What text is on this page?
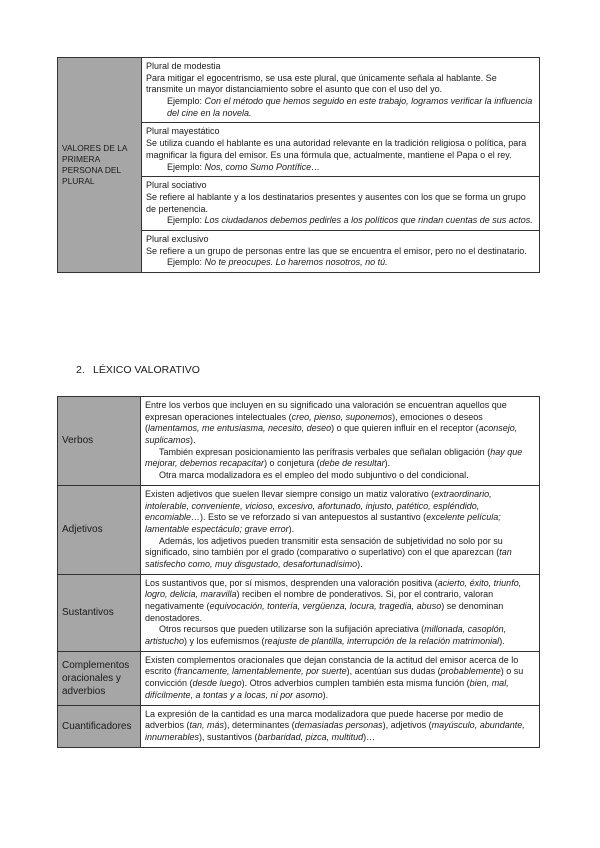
VALORES DE LA PRIMERA PERSONA DEL PLURAL	
Plural de modestia
Para mitigar el egocentrismo, se usa este plural, que únicamente señala al hablante. Se transmite un mayor distanciamiento sobre el asunto que con el uso del yo.
Ejemplo: Con el método que hemos seguido en este trabajo, logramos verificar la influencia del cine en la novela.

Plural mayestático
Se utiliza cuando el hablante es una autoridad relevante en la tradición religiosa o política, para magnificar la figura del emisor. Es una fórmula que, actualmente, mantiene el Papa o el rey.
Ejemplo: Nos, como Sumo Pontífice…

Plural sociativo
Se refiere al hablante y a los destinatarios presentes y ausentes con los que se forma un grupo de pertenencia.
Ejemplo: Los ciudadanos debemos pedirles a los políticos que rindan cuentas de sus actos.

Plural exclusivo
Se refiere a un grupo de personas entre las que se encuentra el emisor, pero no el destinatario.
Ejemplo: No te preocupes. Lo haremos nosotros, no tú.
2. LÉXICO VALORATIVO
Verbos	Entre los verbos que incluyen en su significado una valoración se encuentran aquellos que expresan operaciones intelectuales (creo, pienso, suponemos), emociones o deseos (lamentamos, me entusiasma, necesito, deseo) o que quieren influir en el receptor (aconsejo, suplicamos).

También expresan posicionamiento las perífrasis verbales que señalan obligación (hay que mejorar, debemos recapacitar) o conjetura (debe de resultar).

Otra marca modalizadora es el empleo del modo subjuntivo o del condicional.

Adjetivos	Existen adjetivos que suelen llevar siempre consigo un matiz valorativo (extraordinario, intolerable, conveniente, vicioso, excesivo, afortunado, injusto, patético, espléndido, encomiable…). Esto se ve reforzado si van antepuestos al sustantivo (excelente película; lamentable espectáculo; grave error).

Además, los adjetivos pueden transmitir esta sensación de subjetividad no solo por su significado, sino también por el grado (comparativo o superlativo) con el que aparezcan (tan satisfecho como, muy disgustado, desafortunadísimo).

Sustantivos	Los sustantivos que, por sí mismos, desprenden una valoración positiva (acierto, éxito, triunfo, logro, delicia, maravilla) reciben el nombre de ponderativos. Si, por el contrario, valoran negativamente (equivocación, tontería, vergüenza, locura, tragedia, abuso) se denominan denostadores.

Otros recursos que pueden utilizarse son la sufijación apreciativa (millonada, casoplón, artistucho) y los eufemismos (reajuste de plantilla, interrupción de la relación matrimonial).

Complementos oracionales y adverbios	Existen complementos oracionales que dejan constancia de la actitud del emisor acerca de lo escrito (francamente, lamentablemente, por suerte), acentúan sus dudas (probablemente) o su convicción (desde luego). Otros adverbios cumplen también esta misma función (bien, mal, difícilmente, a tontas y a locas, ni por asomo).

Cuantificadores	La expresión de la cantidad es una marca modalizadora que puede hacerse por medio de adverbios (tan, más), determinantes (demasiadas personas), adjetivos (mayúsculo, abundante, innumerables), sustantivos (barbaridad, pizca, multitud)…
